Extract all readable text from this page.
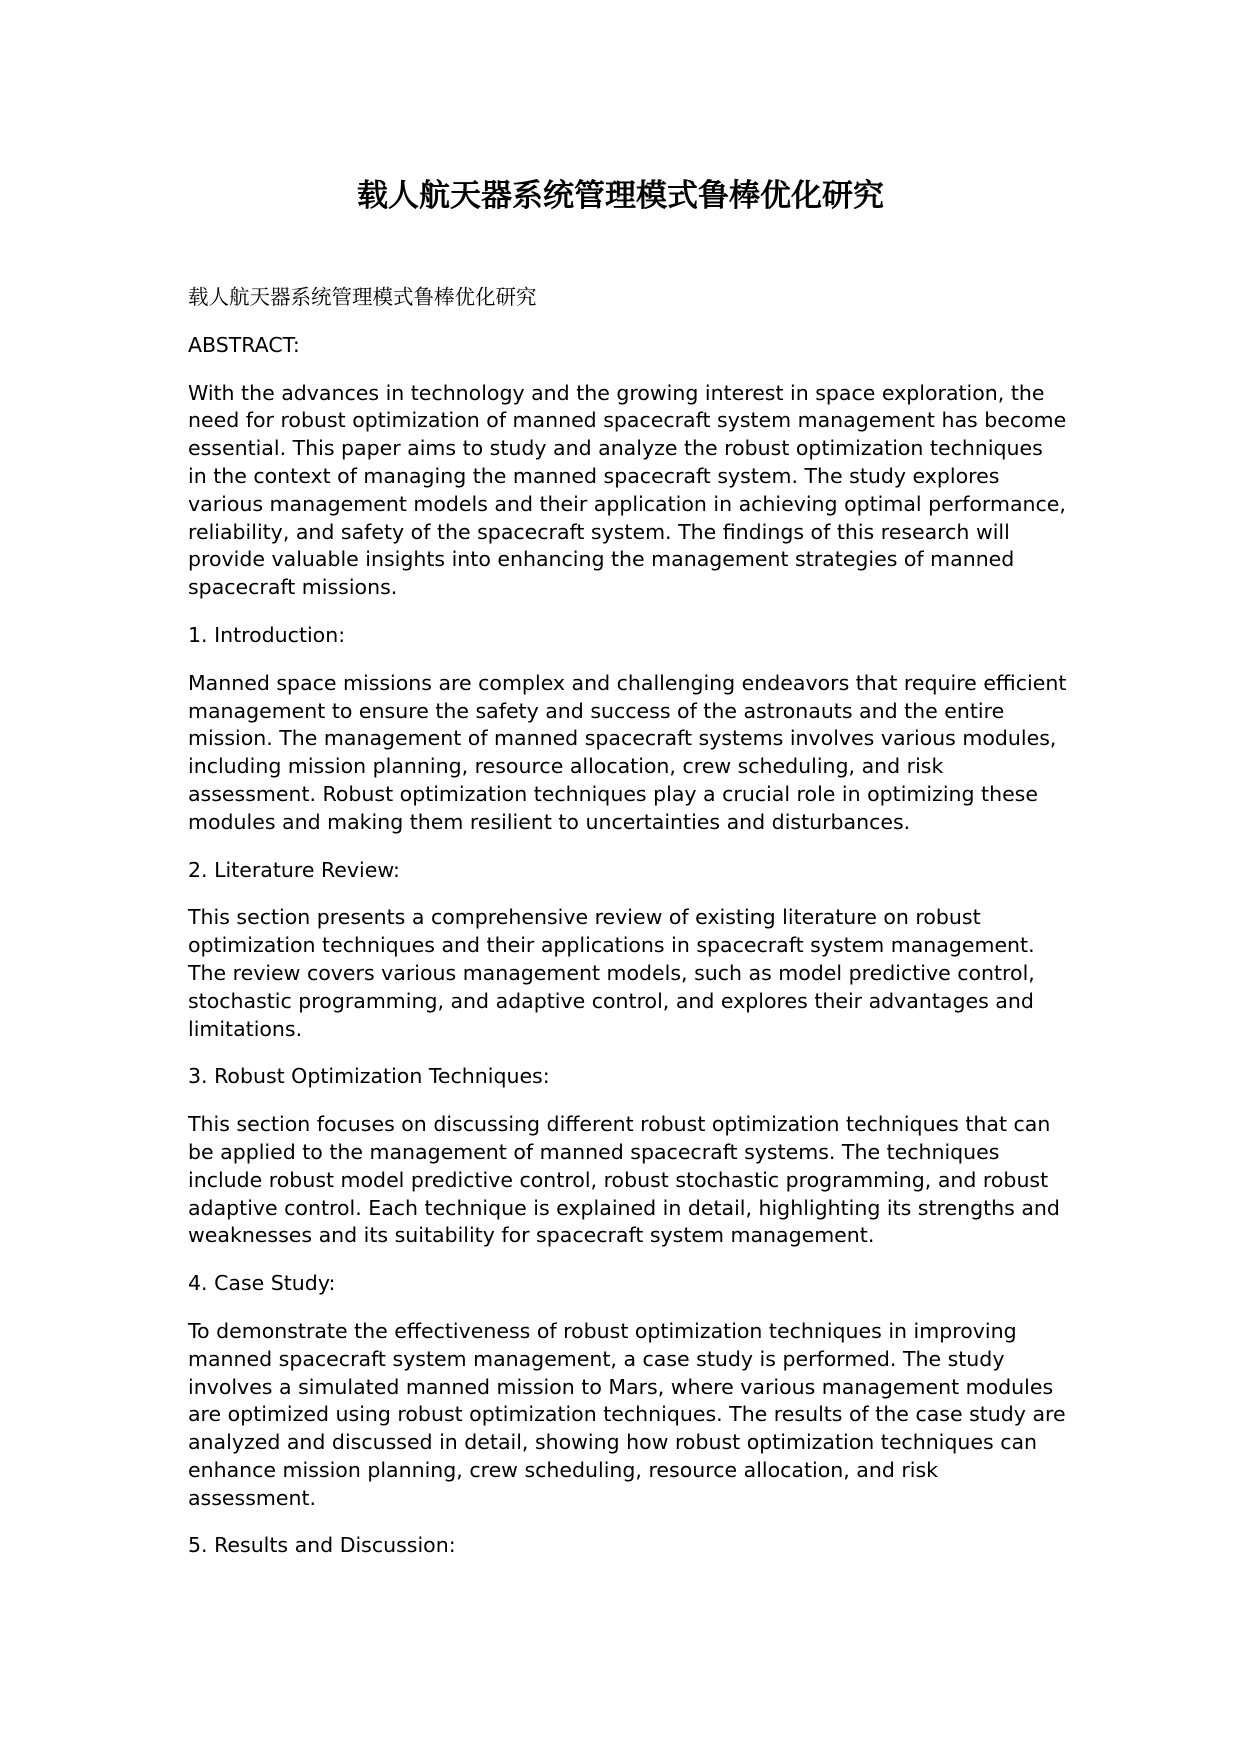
载人航天器系统管理模式鲁棒优化研究

载人航天器系统管理模式鲁棒优化研究

ABSTRACT:

With the advances in technology and the growing interest in space exploration, the need for robust optimization of manned spacecraft system management has become essential. This paper aims to study and analyze the robust optimization techniques in the context of managing the manned spacecraft system. The study explores various management models and their application in achieving optimal performance, reliability, and safety of the spacecraft system. The findings of this research will provide valuable insights into enhancing the management strategies of manned spacecraft missions.

1. Introduction:

Manned space missions are complex and challenging endeavors that require efficient management to ensure the safety and success of the astronauts and the entire mission. The management of manned spacecraft systems involves various modules, including mission planning, resource allocation, crew scheduling, and risk assessment. Robust optimization techniques play a crucial role in optimizing these modules and making them resilient to uncertainties and disturbances.

2. Literature Review:

This section presents a comprehensive review of existing literature on robust optimization techniques and their applications in spacecraft system management. The review covers various management models, such as model predictive control, stochastic programming, and adaptive control, and explores their advantages and limitations.

3. Robust Optimization Techniques:

This section focuses on discussing different robust optimization techniques that can be applied to the management of manned spacecraft systems. The techniques include robust model predictive control, robust stochastic programming, and robust adaptive control. Each technique is explained in detail, highlighting its strengths and weaknesses and its suitability for spacecraft system management.

4. Case Study:

To demonstrate the effectiveness of robust optimization techniques in improving manned spacecraft system management, a case study is performed. The study involves a simulated manned mission to Mars, where various management modules are optimized using robust optimization techniques. The results of the case study are analyzed and discussed in detail, showing how robust optimization techniques can enhance mission planning, crew scheduling, resource allocation, and risk assessment.

5. Results and Discussion:
